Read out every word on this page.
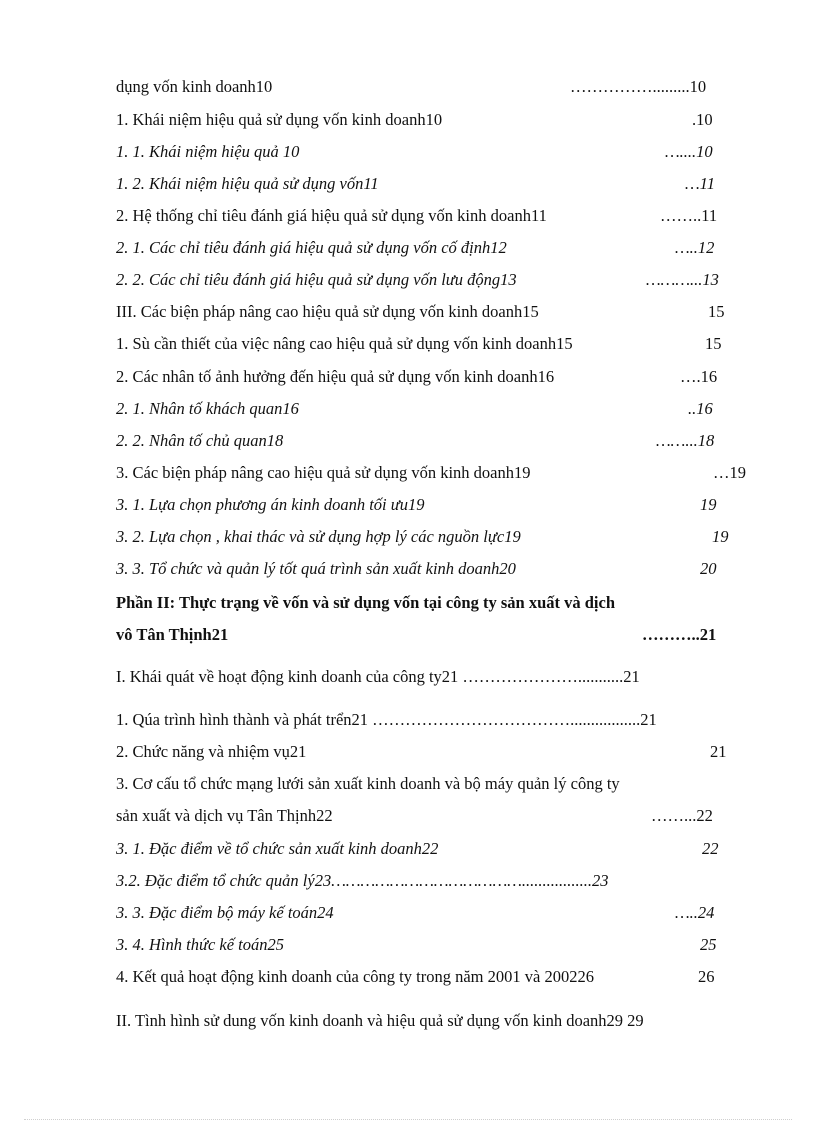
dụng vốn kinh doanh10	…………….........10
1. Khái niệm hiệu quả sử dụng vốn kinh doanh10	.10
1. 1. Khái niệm hiệu quả 10	…....10
1. 2. Khái niệm hiệu quả sử dụng vốn11	…11
2. Hệ thống chỉ tiêu đánh giá hiệu quả sử dụng vốn kinh doanh11	……..11
2. 1. Các chỉ tiêu đánh giá hiệu quả sử dụng vốn cố định12	…..12
2. 2. Các chỉ tiêu đánh giá hiệu quả sử dụng vốn lưu động13	………...13
III. Các biện pháp nâng cao hiệu quả sử dụng vốn kinh doanh15	15
1. Sù cần thiết của việc nâng cao hiệu quả sử dụng vốn kinh doanh15	15
2. Các nhân tố ảnh hưởng đến hiệu quả sử dụng vốn kinh doanh16	….16
2. 1. Nhân tố khách quan16	..16
2. 2. Nhân tố chủ quan18	……...18
3. Các biện pháp nâng cao hiệu quả sử dụng vốn kinh doanh19	…19
3. 1. Lựa chọn phương án kinh doanh tối ưu19	19
3. 2. Lựa chọn , khai thác và sử dụng hợp lý các nguồn lực19	19
3. 3. Tổ chức và quản lý tốt quá trình sản xuất kinh doanh20	20
Phần II: Thực trạng về vốn và sử dụng vốn tại công ty sản xuất và dịch
vô Tân Thịnh21	………..21
I. Khái quát về hoạt động kinh doanh của công ty21 …………………...........21
1. Qúa trình hình thành và phát trển21 ……………………………….................21
2. Chức năng và nhiệm vụ21	21
3. Cơ cấu tổ chức mạng lưới sản xuất kinh doanh và bộ máy quản lý công ty
sản xuất và dịch vụ Tân Thịnh22	……...22
3. 1. Đặc điểm về tổ chức sản xuất kinh doanh22	22
3.2. Đặc điểm tổ chức quản lý23………………………………….................23
3. 3. Đặc điểm bộ máy kế toán24	…..24
3. 4. Hình thức kế toán25	25
4. Kết quả hoạt động kinh doanh của công ty trong năm 2001 và 200226	26
II. Tình hình sử dung vốn kinh doanh và hiệu quả sử dụng vốn kinh doanh29 29
